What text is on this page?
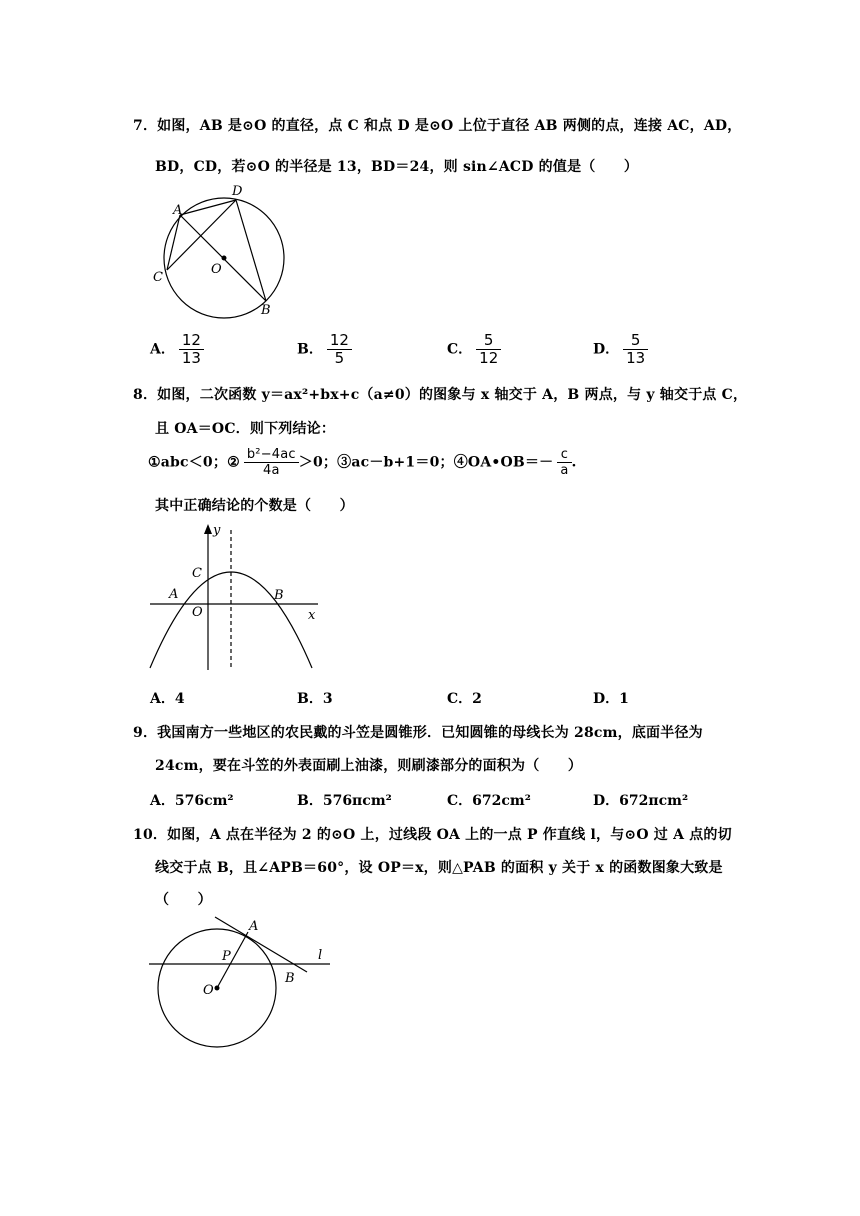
7．如图，AB 是⊙O 的直径，点 C 和点 D 是⊙O 上位于直径 AB 两侧的点，连接 AC，AD，
BD，CD，若⊙O 的半径是 13，BD＝24，则 sin∠ACD 的值是（　　）
A
D
C
O
B
A． $\frac{12}{13}$	B． $\frac{12}{5}$	C． $\frac{5}{12}$	D． $\frac{5}{13}$
8．如图，二次函数 y＝ax²+bx+c（a≠0）的图象与 x 轴交于 A，B 两点，与 y 轴交于点 C，
且 OA＝OC．则下列结论：
①abc＜0；② $\frac{\text{b²−4ac}}{4a} >0$；③ac－b+1＝0；④OA•OB＝－ $\frac{c}{a}$ .
其中正确结论的个数是（　　）
y
x
C
A
O
B
A．4	B．3	C．2	D．1
9．我国南方一些地区的农民戴的斗笠是圆锥形．已知圆锥的母线长为 28cm，底面半径为
24cm，要在斗笠的外表面刷上油漆，则刷漆部分的面积为（　　）
A．576cm²	B．576πcm²	C．672cm²	D．672πcm²
10．如图，A 点在半径为 2 的⊙O 上，过线段 OA 上的一点 P 作直线 l，与⊙O 过 A 点的切
线交于点 B，且∠APB＝60°，设 OP＝x，则△PAB 的面积 y 关于 x 的函数图象大致是
（　　）
A
P
B
l
O
